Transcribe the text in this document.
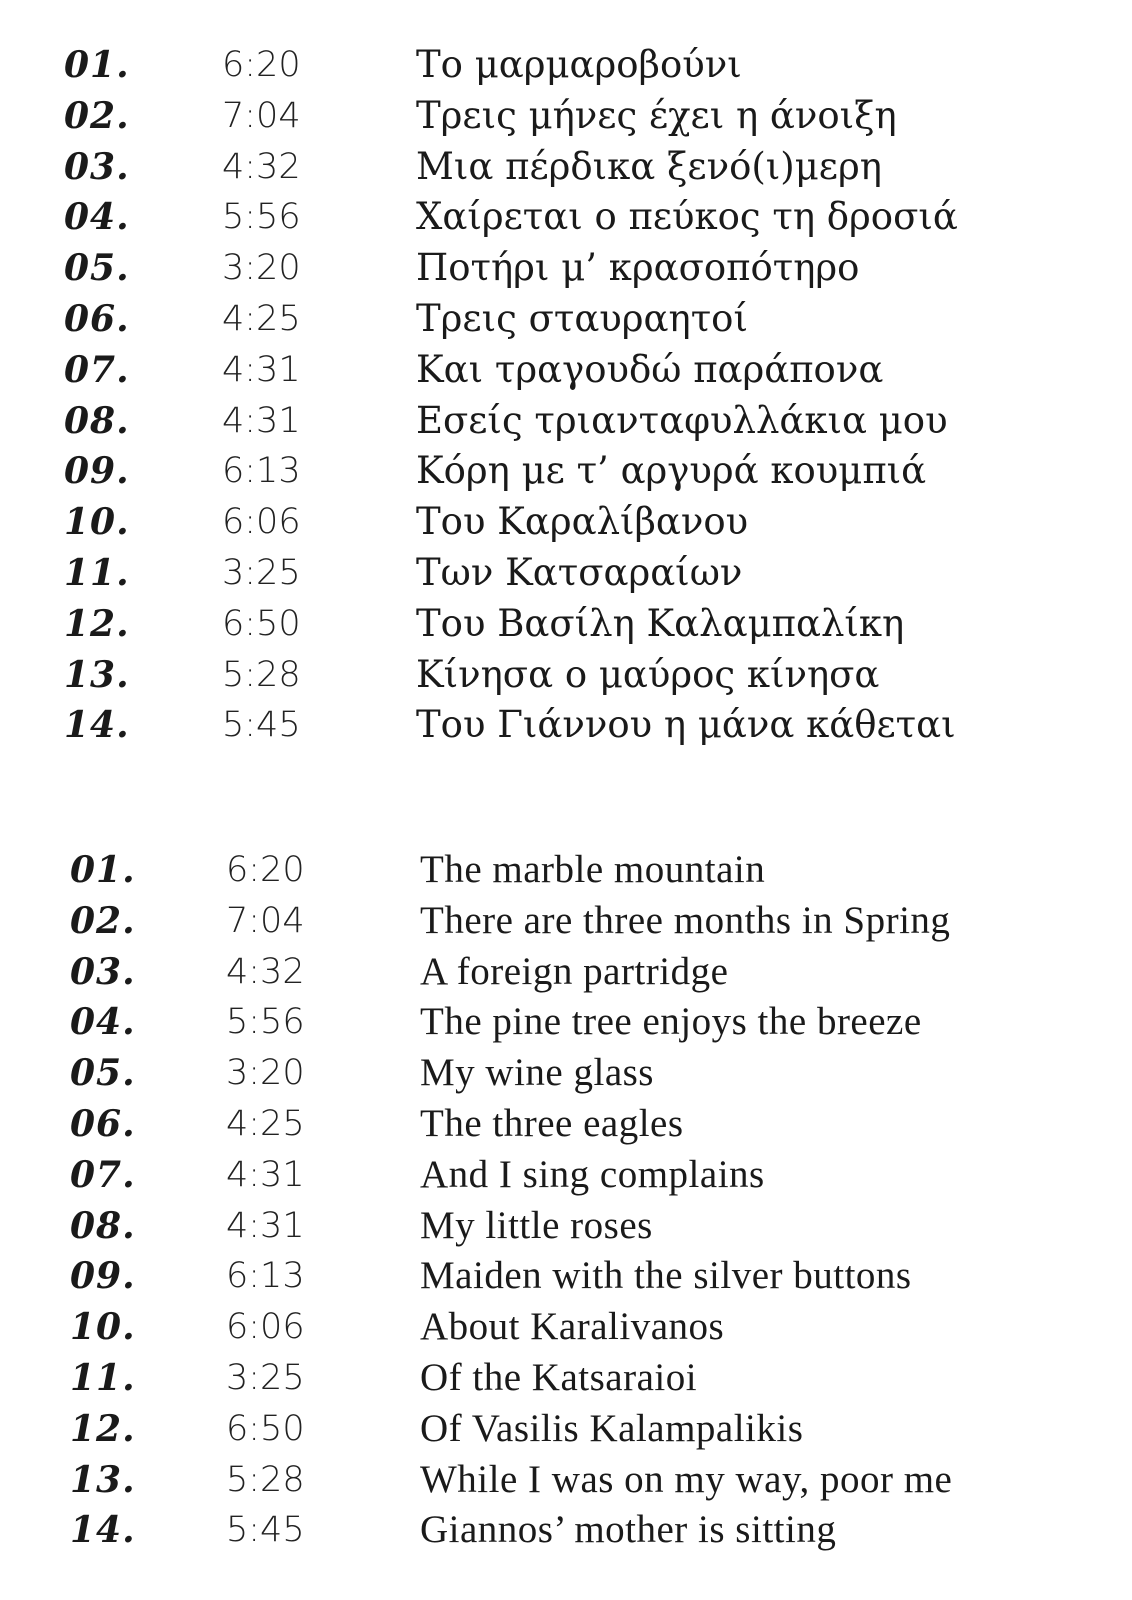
01.	6:20	Το μαρμαροβούνι
02.	7:04	Τρεις μήνες έχει η άνοιξη
03.	4:32	Μια πέρδικα ξενό(ι)μερη
04.	5:56	Χαίρεται ο πεύκος τη δροσιά
05.	3:20	Ποτήρι μ’ κρασοπότηρο
06.	4:25	Τρεις σταυραητοί
07.	4:31	Και τραγουδώ παράπονα
08.	4:31	Εσείς τριανταφυλλάκια μου
09.	6:13	Κόρη με τ’ αργυρά κουμπιά
10.	6:06	Του Καραλίβανου
11.	3:25	Των Κατσαραίων
12.	6:50	Του Βασίλη Καλαμπαλίκη
13.	5:28	Κίνησα ο μαύρος κίνησα
14.	5:45	Του Γιάννου η μάνα κάθεται
01.	6:20	The marble mountain
02.	7:04	There are three months in Spring
03.	4:32	A foreign partridge
04.	5:56	The pine tree enjoys the breeze
05.	3:20	My wine glass
06.	4:25	The three eagles
07.	4:31	And I sing complains
08.	4:31	My little roses
09.	6:13	Maiden with the silver buttons
10.	6:06	About Karalivanos
11.	3:25	Of the Katsaraioi
12.	6:50	Of Vasilis Kalampalikis
13.	5:28	While I was on my way, poor me
14.	5:45	Giannos’ mother is sitting
